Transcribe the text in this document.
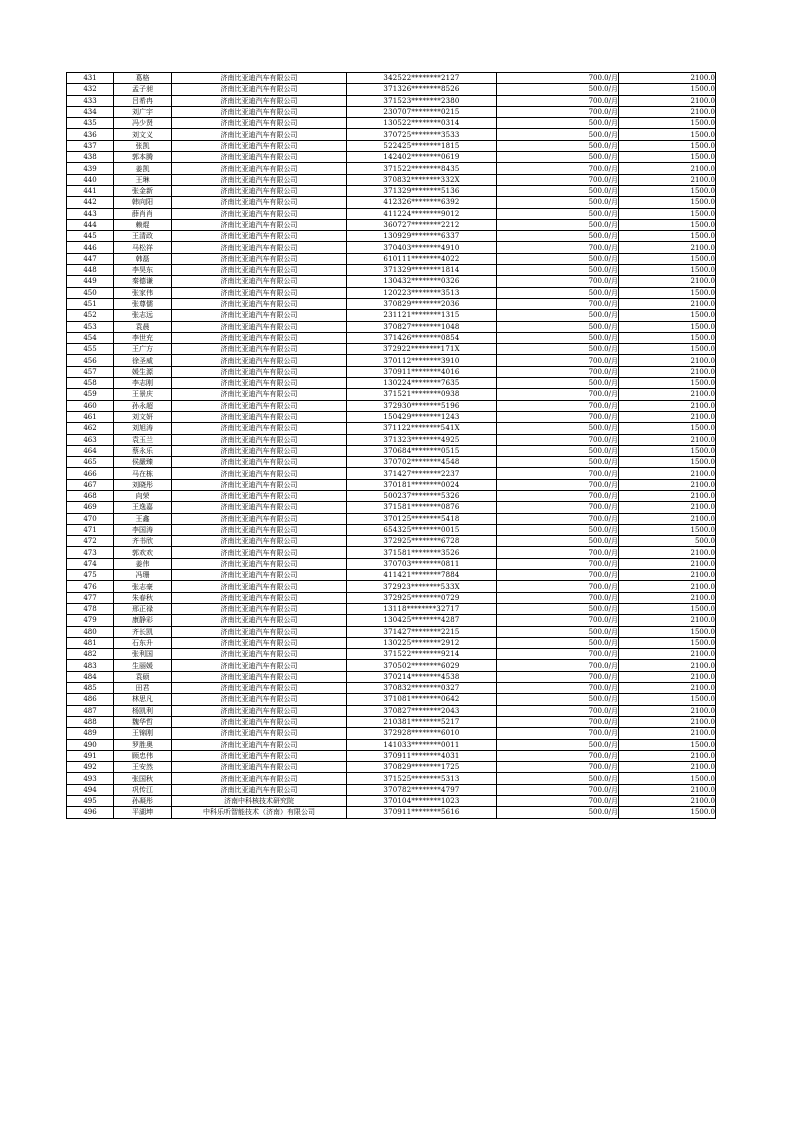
431	葛格	济南比亚迪汽车有限公司	342522********2127	700.0/月	2100.0
432	孟子昶	济南比亚迪汽车有限公司	371326********8526	500.0/月	1500.0
433	吕希冉	济南比亚迪汽车有限公司	371523********2380	700.0/月	2100.0
434	刘广宇	济南比亚迪汽车有限公司	230707********0215	700.0/月	2100.0
435	冯少贤	济南比亚迪汽车有限公司	130522********0314	500.0/月	1500.0
436	刘文义	济南比亚迪汽车有限公司	370725********3533	500.0/月	1500.0
437	张凯	济南比亚迪汽车有限公司	522425********1815	500.0/月	1500.0
438	郭本腾	济南比亚迪汽车有限公司	142402********0619	500.0/月	1500.0
439	姜凯	济南比亚迪汽车有限公司	371522********8435	700.0/月	2100.0
440	王琳	济南比亚迪汽车有限公司	370832********332X	700.0/月	2100.0
441	张金新	济南比亚迪汽车有限公司	371329********5136	500.0/月	1500.0
442	韩向阳	济南比亚迪汽车有限公司	412326********6392	500.0/月	1500.0
443	薛肖肖	济南比亚迪汽车有限公司	411224********9012	500.0/月	1500.0
444	赖焜	济南比亚迪汽车有限公司	360727********2212	500.0/月	1500.0
445	王清政	济南比亚迪汽车有限公司	130929********6337	500.0/月	1500.0
446	马松祥	济南比亚迪汽车有限公司	370403********4910	700.0/月	2100.0
447	韩磊	济南比亚迪汽车有限公司	610111********4022	500.0/月	1500.0
448	李昊东	济南比亚迪汽车有限公司	371329********1814	500.0/月	1500.0
449	秦德谦	济南比亚迪汽车有限公司	130432********0326	700.0/月	2100.0
450	张家伟	济南比亚迪汽车有限公司	120223********3513	500.0/月	1500.0
451	张尊儒	济南比亚迪汽车有限公司	370829********2036	700.0/月	2100.0
452	张志远	济南比亚迪汽车有限公司	231121********1315	500.0/月	1500.0
453	袁晨	济南比亚迪汽车有限公司	370827********1048	500.0/月	1500.0
454	李世充	济南比亚迪汽车有限公司	371426********0854	500.0/月	1500.0
455	王广方	济南比亚迪汽车有限公司	372922********171X	500.0/月	1500.0
456	徐圣威	济南比亚迪汽车有限公司	370112********3910	700.0/月	2100.0
457	媛生源	济南比亚迪汽车有限公司	370911********4016	700.0/月	2100.0
458	李志刚	济南比亚迪汽车有限公司	130224********7635	500.0/月	1500.0
459	王景庆	济南比亚迪汽车有限公司	371521********0938	700.0/月	2100.0
460	孙永超	济南比亚迪汽车有限公司	372930********5196	700.0/月	2100.0
461	刘文妍	济南比亚迪汽车有限公司	150429********1243	700.0/月	2100.0
462	刘旭涛	济南比亚迪汽车有限公司	371122********541X	500.0/月	1500.0
463	袁玉兰	济南比亚迪汽车有限公司	371323********4925	700.0/月	2100.0
464	蔡永乐	济南比亚迪汽车有限公司	370684********0515	500.0/月	1500.0
465	侯嚴臻	济南比亚迪汽车有限公司	370702********4548	500.0/月	1500.0
466	马在栋	济南比亚迪汽车有限公司	371427********2237	700.0/月	2100.0
467	刘晓彤	济南比亚迪汽车有限公司	370181********0024	700.0/月	2100.0
468	向荣	济南比亚迪汽车有限公司	500237********5326	700.0/月	2100.0
469	王逸嘉	济南比亚迪汽车有限公司	371581********0876	700.0/月	2100.0
470	王鑫	济南比亚迪汽车有限公司	370125********5418	700.0/月	2100.0
471	李国涛	济南比亚迪汽车有限公司	654325********0015	500.0/月	1500.0
472	齐书欣	济南比亚迪汽车有限公司	372925********6728	500.0/月	500.0
473	郭欢欢	济南比亚迪汽车有限公司	371581********3526	700.0/月	2100.0
474	姜伟	济南比亚迪汽车有限公司	370703********0811	700.0/月	2100.0
475	冯珊	济南比亚迪汽车有限公司	411421********7884	700.0/月	2100.0
476	张志豪	济南比亚迪汽车有限公司	372923********533X	700.0/月	2100.0
477	朱春秋	济南比亚迪汽车有限公司	372925********0729	700.0/月	2100.0
478	邢正禄	济南比亚迪汽车有限公司	13118********32717	500.0/月	1500.0
479	康静彩	济南比亚迪汽车有限公司	130425********4287	700.0/月	2100.0
480	齐长凯	济南比亚迪汽车有限公司	371427********2215	500.0/月	1500.0
481	石东升	济南比亚迪汽车有限公司	130225********2912	500.0/月	1500.0
482	张利国	济南比亚迪汽车有限公司	371522********9214	700.0/月	2100.0
483	生丽媛	济南比亚迪汽车有限公司	370502********6029	700.0/月	2100.0
484	袁硕	济南比亚迪汽车有限公司	370214********4538	700.0/月	2100.0
485	田君	济南比亚迪汽车有限公司	370832********0327	700.0/月	2100.0
486	林思凡	济南比亚迪汽车有限公司	371081********0642	500.0/月	1500.0
487	杨凯利	济南比亚迪汽车有限公司	370827********2043	700.0/月	2100.0
488	魏华哲	济南比亚迪汽车有限公司	210381********5217	700.0/月	2100.0
489	王锦刚	济南比亚迪汽车有限公司	372928********6010	700.0/月	2100.0
490	罗胜奥	济南比亚迪汽车有限公司	141033********0011	500.0/月	1500.0
491	顾忠伟	济南比亚迪汽车有限公司	370911********4031	700.0/月	2100.0
492	王安然	济南比亚迪汽车有限公司	370829********1725	700.0/月	2100.0
493	张国秋	济南比亚迪汽车有限公司	371525********5313	500.0/月	1500.0
494	巩传江	济南比亚迪汽车有限公司	370782********4797	700.0/月	2100.0
495	孙凝彤	济南中科核技术研究院	370104********1023	700.0/月	2100.0
496	平湖坤	中科乐听智能技术（济南）有限公司	370911********5616	500.0/月	1500.0
